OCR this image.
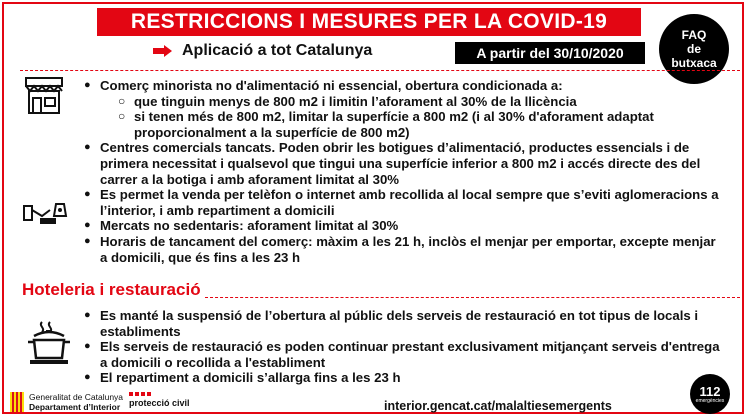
RESTRICCIONS I MESURES PER LA COVID-19
FAQ
de
butxaca
Aplicació a tot Catalunya	A partir del 30/10/2020
● Comerç minorista no d'alimentació ni essencial, obertura condicionada a:
○ que tinguin menys de 800 m2 i limitin l’aforament al 30% de la llicència
○ si tenen més de 800 m2, limitar la superfície a 800 m2 (i al 30% d'aforament adaptat proporcionalment a la superfície de 800 m2)
● Centres comercials tancats. Poden obrir les botigues d’alimentació, productes essencials i de primera necessitat i qualsevol que tingui una superfície inferior a 800 m2 i accés directe des del carrer a la botiga i amb aforament limitat al 30%
● Es permet la venda per telèfon o internet amb recollida al local sempre que s’eviti aglomeracions a l’interior, i amb repartiment a domicili
● Mercats no sedentaris: aforament limitat al 30%
● Horaris de tancament del comerç: màxim a les 21 h, inclòs el menjar per emportar, excepte menjar a domicili, que és fins a les 23 h
Hoteleria i restauració
● Es manté la suspensió de l’obertura al públic dels serveis de restauració en tot tipus de locals i establiments
● Els serveis de restauració es poden continuar prestant exclusivament mitjançant serveis d'entrega a domicili o recollida a l'establiment
● El repartiment a domicili s’allarga fins a les 23 h
Generalitat de Catalunya
Departament d’Interior protecció civil	interior.gencat.cat/malaltiesemergents
112
emergències
